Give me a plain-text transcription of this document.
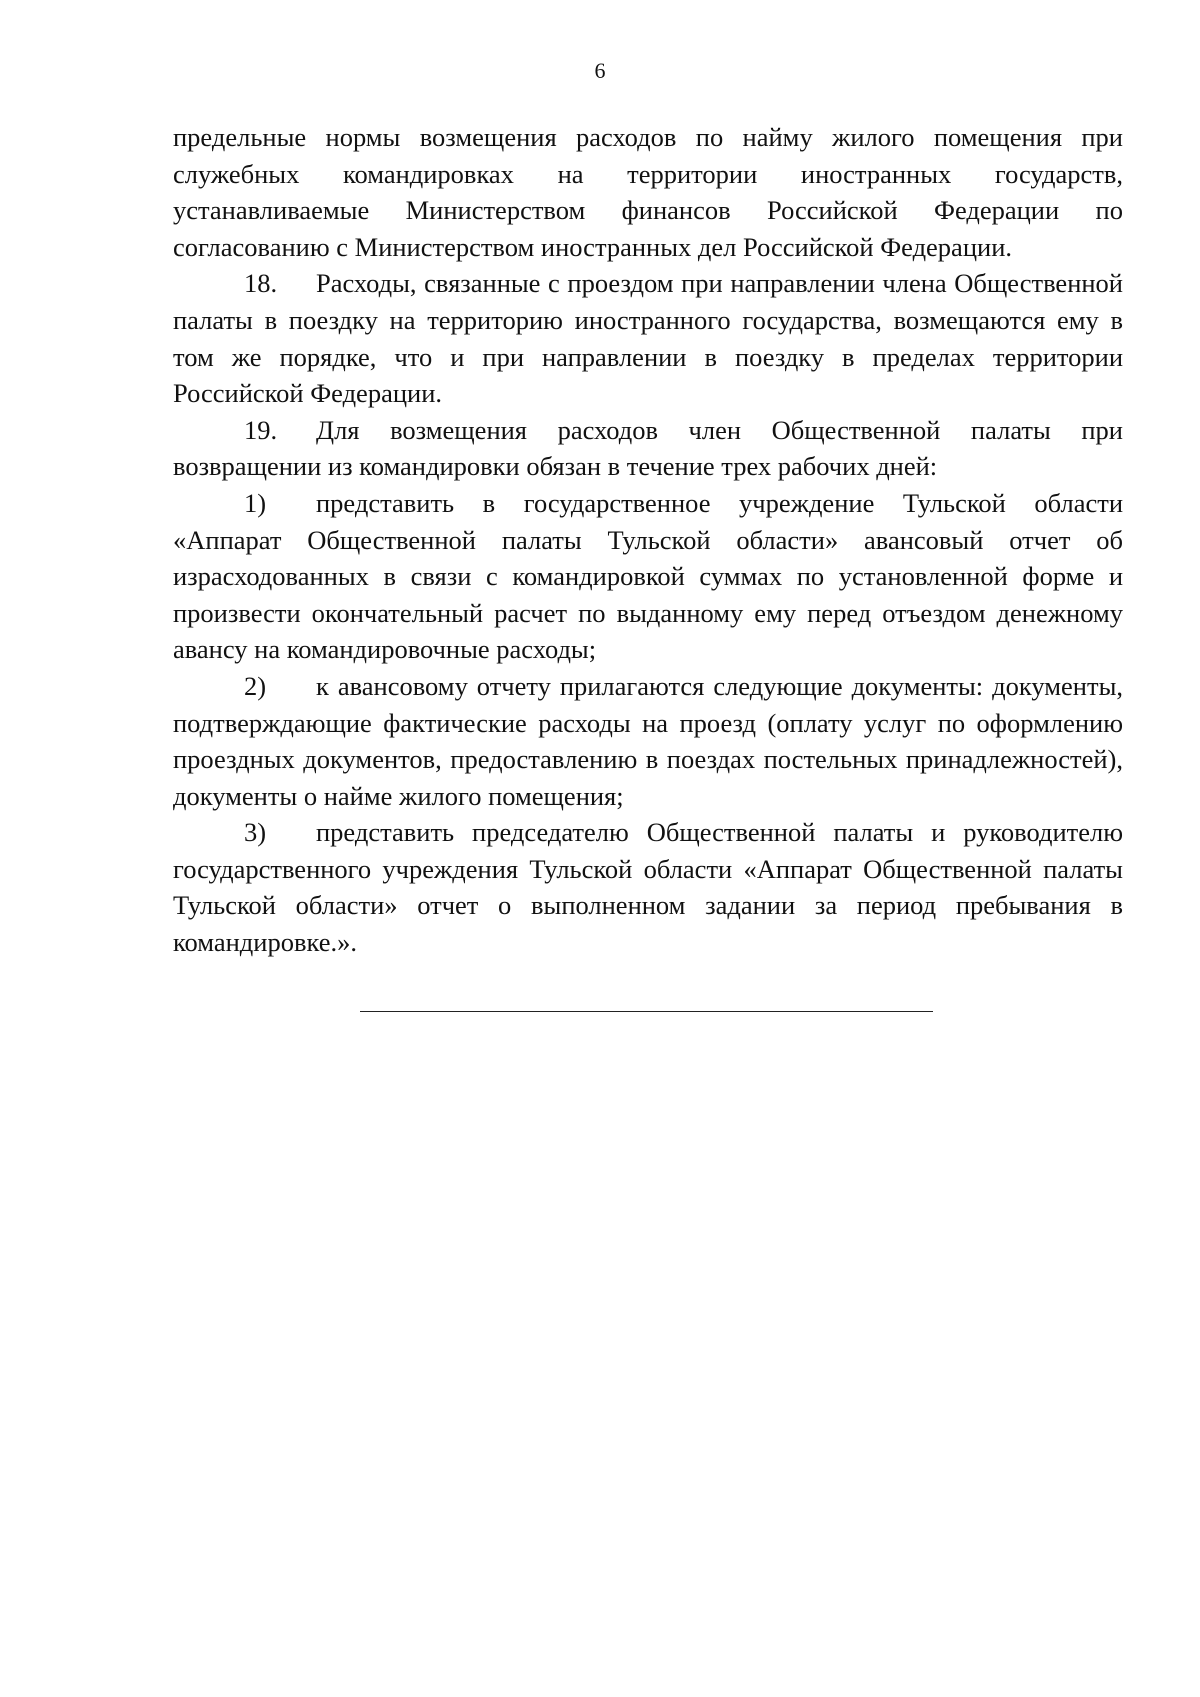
6

предельные нормы возмещения расходов по найму жилого помещения при служебных командировках на территории иностранных государств, устанавливаемые Министерством финансов Российской Федерации по согласованию с Министерством иностранных дел Российской Федерации.

18. Расходы, связанные с проездом при направлении члена Общественной палаты в поездку на территорию иностранного государства, возмещаются ему в том же порядке, что и при направлении в поездку в пределах территории Российской Федерации.

19. Для возмещения расходов член Общественной палаты при возвращении из командировки обязан в течение трех рабочих дней:

1) представить в государственное учреждение Тульской области «Аппарат Общественной палаты Тульской области» авансовый отчет об израсходованных в связи с командировкой суммах по установленной форме и произвести окончательный расчет по выданному ему перед отъездом денежному авансу на командировочные расходы;

2) к авансовому отчету прилагаются следующие документы: документы, подтверждающие фактические расходы на проезд (оплату услуг по оформлению проездных документов, предоставлению в поездах постельных принадлежностей), документы о найме жилого помещения;

3) представить председателю Общественной палаты и руководителю государственного учреждения Тульской области «Аппарат Общественной палаты Тульской области» отчет о выполненном задании за период пребывания в командировке.».
